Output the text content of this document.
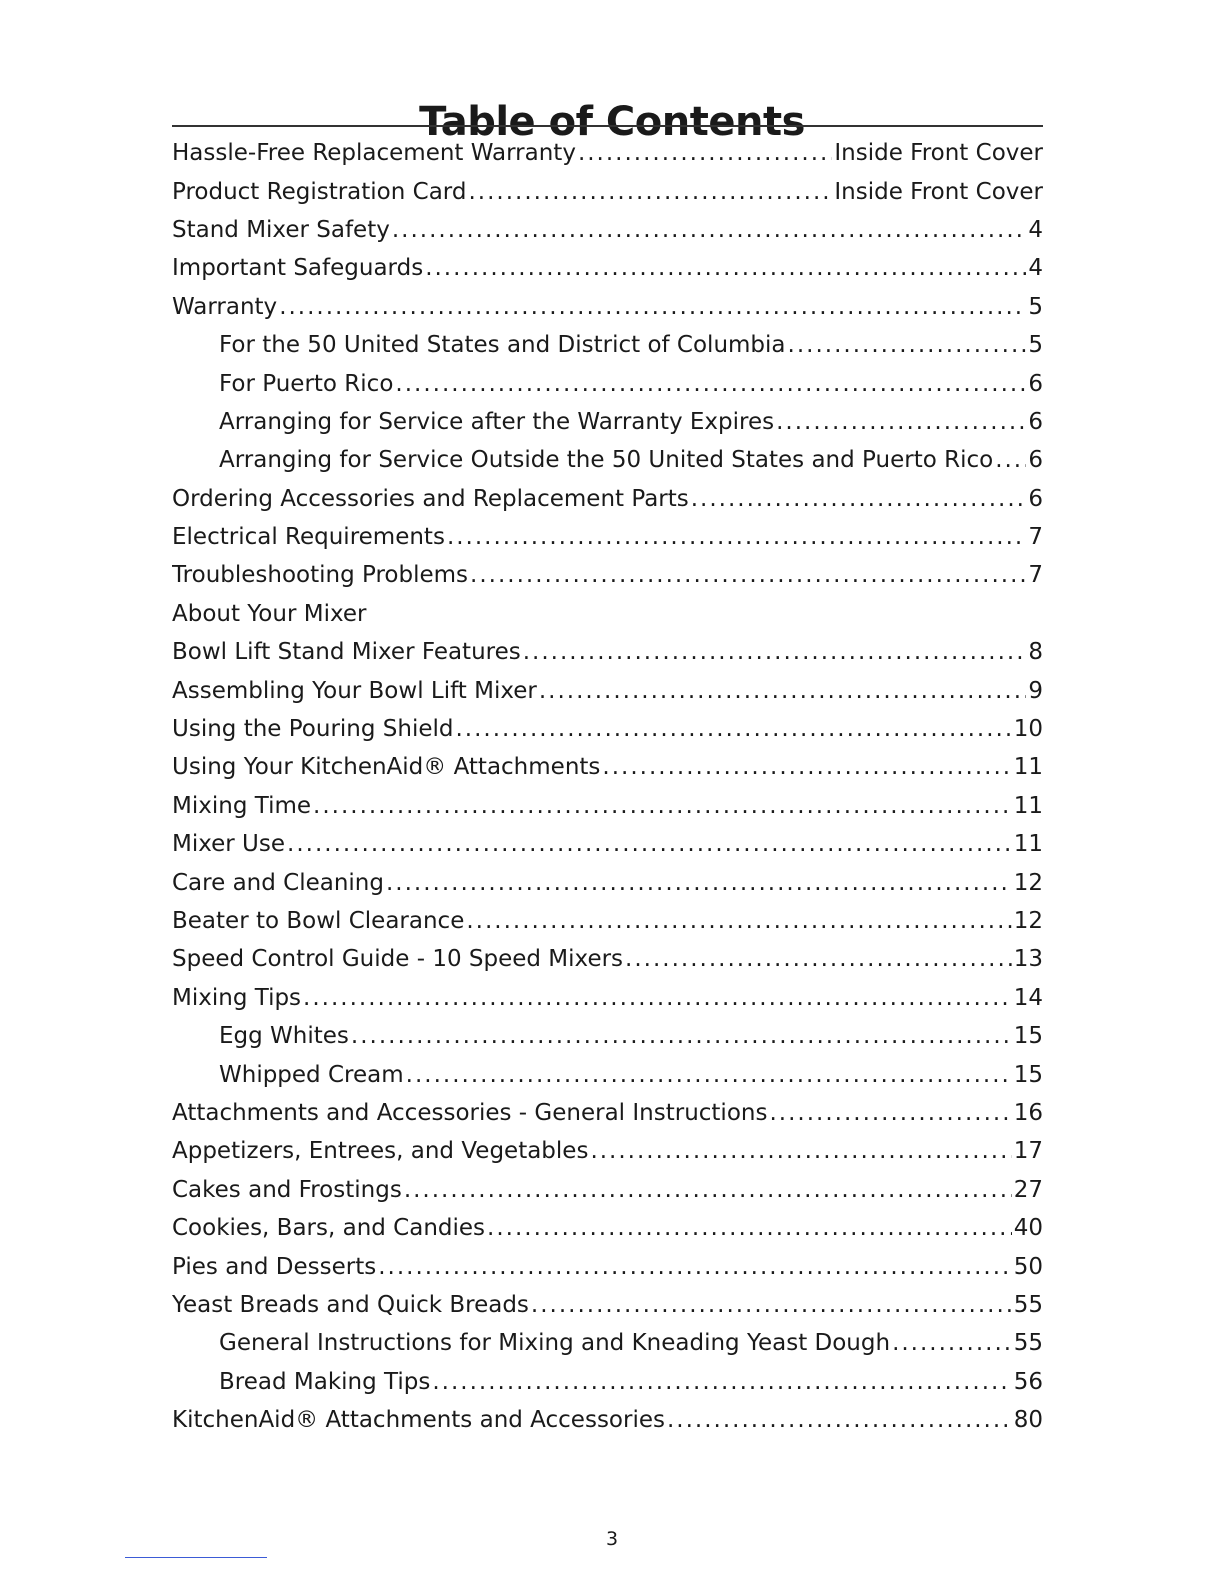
Table of Contents
Hassle-Free Replacement Warranty .....	Inside Front Cover
Product Registration Card .....	Inside Front Cover
Stand Mixer Safety .....	4
Important Safeguards .....	4
Warranty .....	5
For the 50 United States and District of Columbia .....	5
For Puerto Rico .....	6
Arranging for Service after the Warranty Expires .....	6
Arranging for Service Outside the 50 United States and Puerto Rico ..... 6
Ordering Accessories and Replacement Parts .....	6
Electrical Requirements .....	7
Troubleshooting Problems .....	7
About Your Mixer
Bowl Lift Stand Mixer Features .....	8
Assembling Your Bowl Lift Mixer .....	9
Using the Pouring Shield .....	10
Using Your KitchenAid® Attachments .....	11
Mixing Time .....	11
Mixer Use .....	11
Care and Cleaning .....	12
Beater to Bowl Clearance .....	12
Speed Control Guide - 10 Speed Mixers .....	13
Mixing Tips .....	14
Egg Whites .....	15
Whipped Cream .....	15
Attachments and Accessories - General Instructions .....	16
Appetizers, Entrees, and Vegetables .....	17
Cakes and Frostings .....	27
Cookies, Bars, and Candies .....	40
Pies and Desserts .....	50
Yeast Breads and Quick Breads .....	55
General Instructions for Mixing and Kneading Yeast Dough .....	55
Bread Making Tips .....	56
KitchenAid® Attachments and Accessories .....	80
3
